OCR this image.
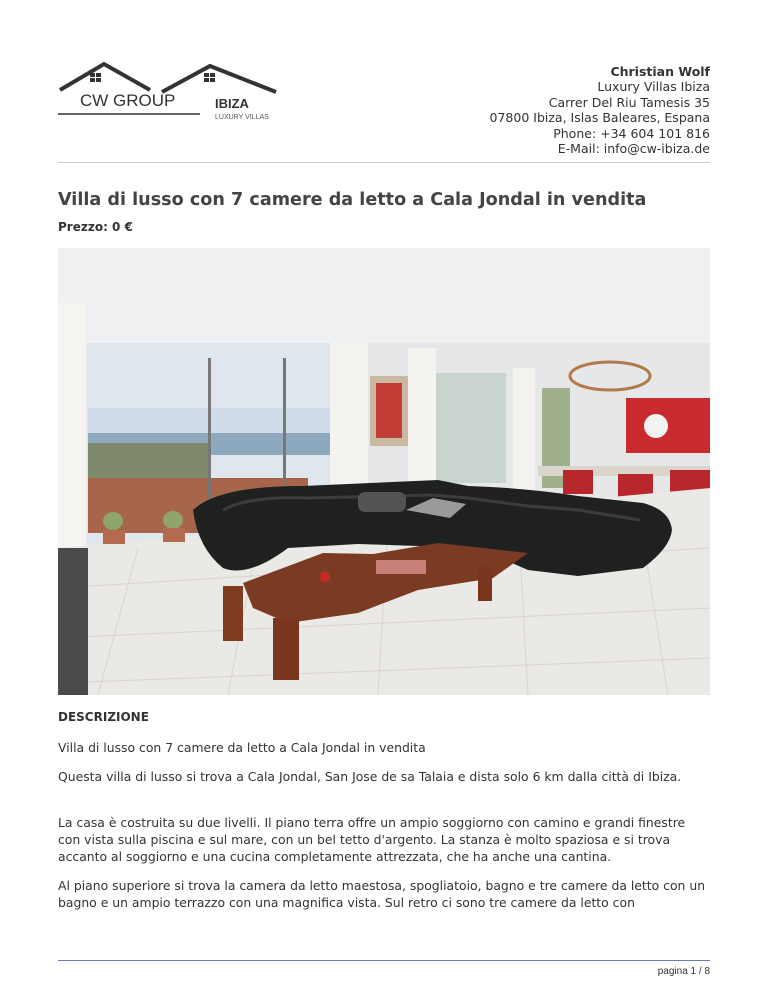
CW GROUP	IBIZA
LUXURY VILLAS
Christian Wolf
Luxury Villas Ibiza
Carrer Del Riu Tamesis 35
07800 Ibiza, Islas Baleares, Espana
Phone: +34 604 101 816
E-Mail: info@cw-ibiza.de
Villa di lusso con 7 camere da letto a Cala Jondal in vendita
Prezzo: 0 €
DESCRIZIONE

Villa di lusso con 7 camere da letto a Cala Jondal in vendita

Questa villa di lusso si trova a Cala Jondal, San Jose de sa Talaia e dista solo 6 km dalla città di Ibiza.

La casa è costruita su due livelli. Il piano terra offre un ampio soggiorno con camino e grandi finestre con vista sulla piscina e sul mare, con un bel tetto d'argento. La stanza è molto spaziosa e si trova accanto al soggiorno e una cucina completamente attrezzata, che ha anche una cantina.

Al piano superiore si trova la camera da letto maestosa, spogliatoio, bagno e tre camere da letto con un bagno e un ampio terrazzo con una magnifica vista. Sul retro ci sono tre camere da letto con

pagina 1 / 8
